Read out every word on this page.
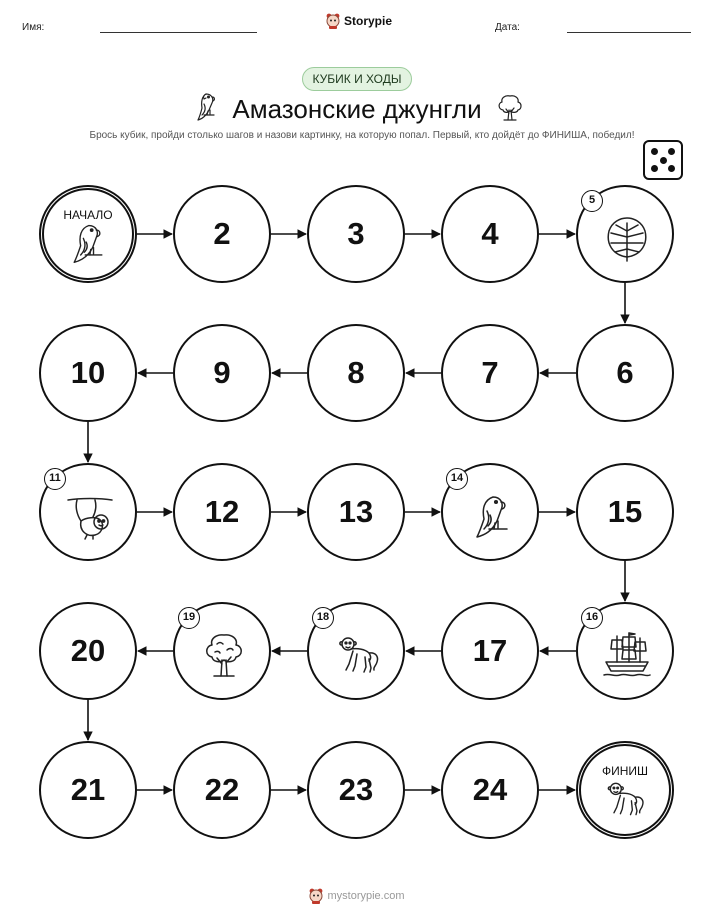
Имя:	Storypie	Дата:
КУБИК И ХОДЫ
Амазонские джунгли
Брось кубик, пройди столько шагов и назови картинку, на которую попал. Первый, кто дойдёт до ФИНИША, победил!
НАЧАЛО
2	3	4
5
10	9	8	7	6
11
12	13
14
15
20
19	18
17
16
21	22	23	24
ФИНИШ
mystorypie.com
